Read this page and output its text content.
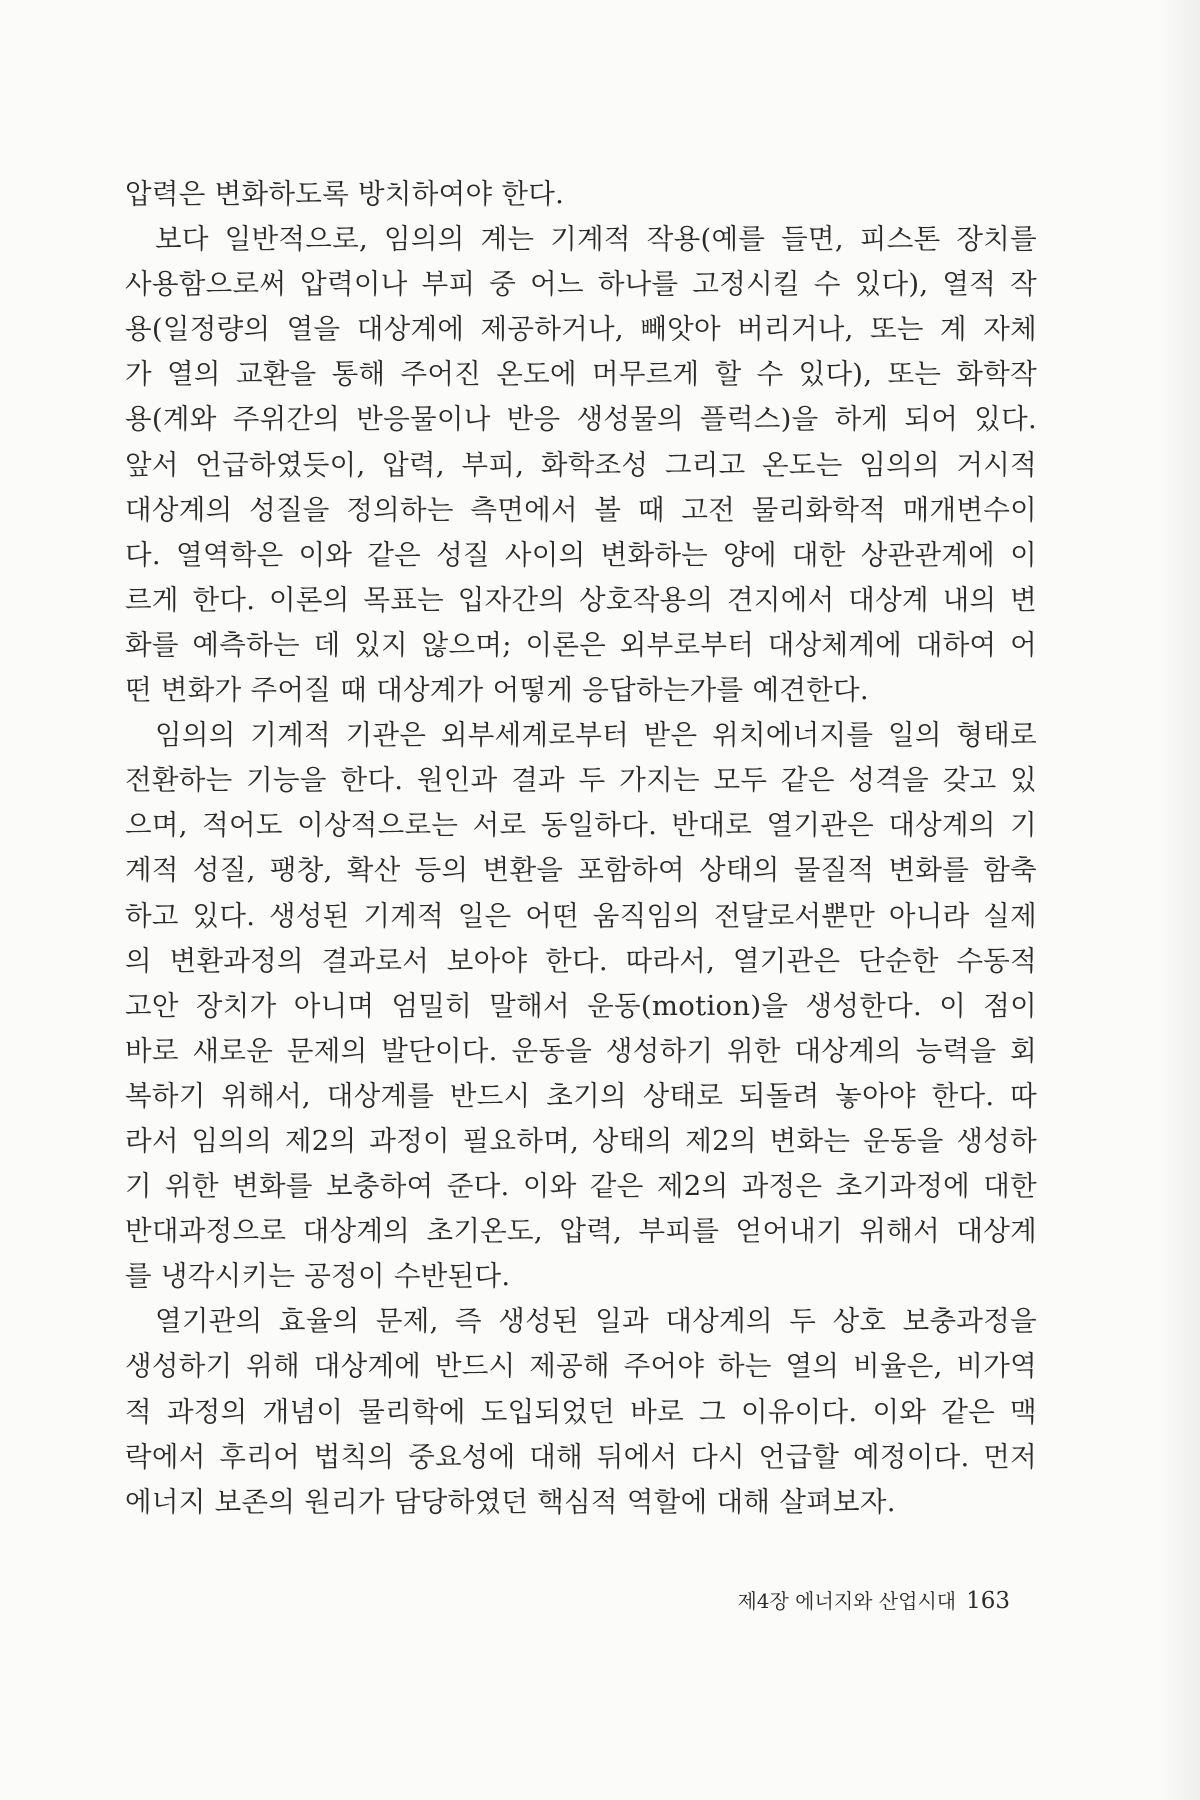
압력은 변화하도록 방치하여야 한다.
보다 일반적으로, 임의의 계는 기계적 작용(예를 들면, 피스톤 장치를
사용함으로써 압력이나 부피 중 어느 하나를 고정시킬 수 있다), 열적 작
용(일정량의 열을 대상계에 제공하거나, 빼앗아 버리거나, 또는 계 자체
가 열의 교환을 통해 주어진 온도에 머무르게 할 수 있다), 또는 화학작
용(계와 주위간의 반응물이나 반응 생성물의 플럭스)을 하게 되어 있다.
앞서 언급하였듯이, 압력, 부피, 화학조성 그리고 온도는 임의의 거시적
대상계의 성질을 정의하는 측면에서 볼 때 고전 물리화학적 매개변수이
다. 열역학은 이와 같은 성질 사이의 변화하는 양에 대한 상관관계에 이
르게 한다. 이론의 목표는 입자간의 상호작용의 견지에서 대상계 내의 변
화를 예측하는 데 있지 않으며; 이론은 외부로부터 대상체계에 대하여 어
떤 변화가 주어질 때 대상계가 어떻게 응답하는가를 예견한다.
임의의 기계적 기관은 외부세계로부터 받은 위치에너지를 일의 형태로
전환하는 기능을 한다. 원인과 결과 두 가지는 모두 같은 성격을 갖고 있
으며, 적어도 이상적으로는 서로 동일하다. 반대로 열기관은 대상계의 기
계적 성질, 팽창, 확산 등의 변환을 포함하여 상태의 물질적 변화를 함축
하고 있다. 생성된 기계적 일은 어떤 움직임의 전달로서뿐만 아니라 실제
의 변환과정의 결과로서 보아야 한다. 따라서, 열기관은 단순한 수동적
고안 장치가 아니며 엄밀히 말해서 운동(motion)을 생성한다. 이 점이
바로 새로운 문제의 발단이다. 운동을 생성하기 위한 대상계의 능력을 회
복하기 위해서, 대상계를 반드시 초기의 상태로 되돌려 놓아야 한다. 따
라서 임의의 제2의 과정이 필요하며, 상태의 제2의 변화는 운동을 생성하
기 위한 변화를 보충하여 준다. 이와 같은 제2의 과정은 초기과정에 대한
반대과정으로 대상계의 초기온도, 압력, 부피를 얻어내기 위해서 대상계
를 냉각시키는 공정이 수반된다.
열기관의 효율의 문제, 즉 생성된 일과 대상계의 두 상호 보충과정을
생성하기 위해 대상계에 반드시 제공해 주어야 하는 열의 비율은, 비가역
적 과정의 개념이 물리학에 도입되었던 바로 그 이유이다. 이와 같은 맥
락에서 후리어 법칙의 중요성에 대해 뒤에서 다시 언급할 예정이다. 먼저
에너지 보존의 원리가 담당하였던 핵심적 역할에 대해 살펴보자.
제4장 에너지와 산업시대 163
